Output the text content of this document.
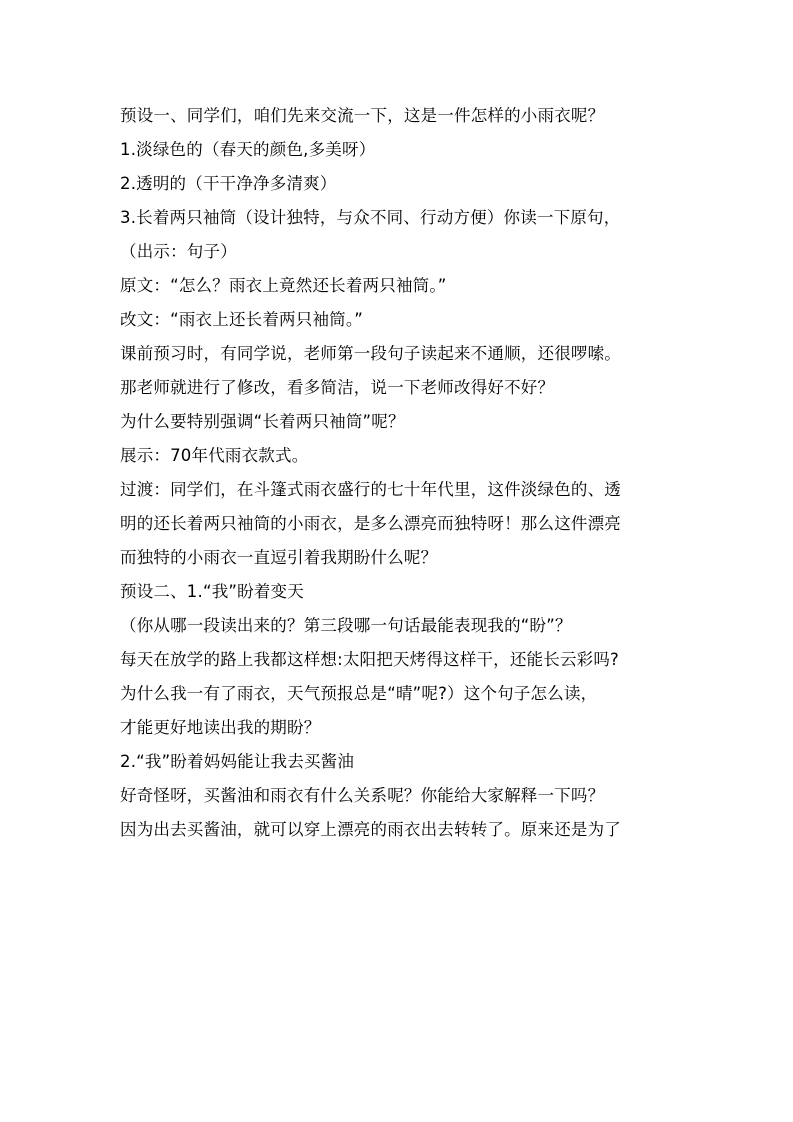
预设一、同学们，咱们先来交流一下，这是一件怎样的小雨衣呢？
1.淡绿色的（春天的颜色,多美呀）
2.透明的（干干净净多清爽）
3.长着两只袖筒（设计独特，与众不同、行动方便）你读一下原句，
（出示：句子）
原文：“怎么？雨衣上竟然还长着两只袖筒。”
改文：“雨衣上还长着两只袖筒。”
课前预习时，有同学说，老师第一段句子读起来不通顺，还很啰嗦。
那老师就进行了修改，看多简洁，说一下老师改得好不好？
为什么要特别强调“长着两只袖筒”呢？
展示：70年代雨衣款式。
过渡：同学们，在斗篷式雨衣盛行的七十年代里，这件淡绿色的、透
明的还长着两只袖筒的小雨衣，是多么漂亮而独特呀！那么这件漂亮
而独特的小雨衣一直逗引着我期盼什么呢？
预设二、1.“我”盼着变天
（你从哪一段读出来的？第三段哪一句话最能表现我的“盼”？
每天在放学的路上我都这样想:太阳把天烤得这样干，还能长云彩吗?
为什么我一有了雨衣，天气预报总是“晴”呢?）这个句子怎么读，
才能更好地读出我的期盼？
2.“我”盼着妈妈能让我去买酱油
好奇怪呀，买酱油和雨衣有什么关系呢？你能给大家解释一下吗？
因为出去买酱油，就可以穿上漂亮的雨衣出去转转了。原来还是为了
